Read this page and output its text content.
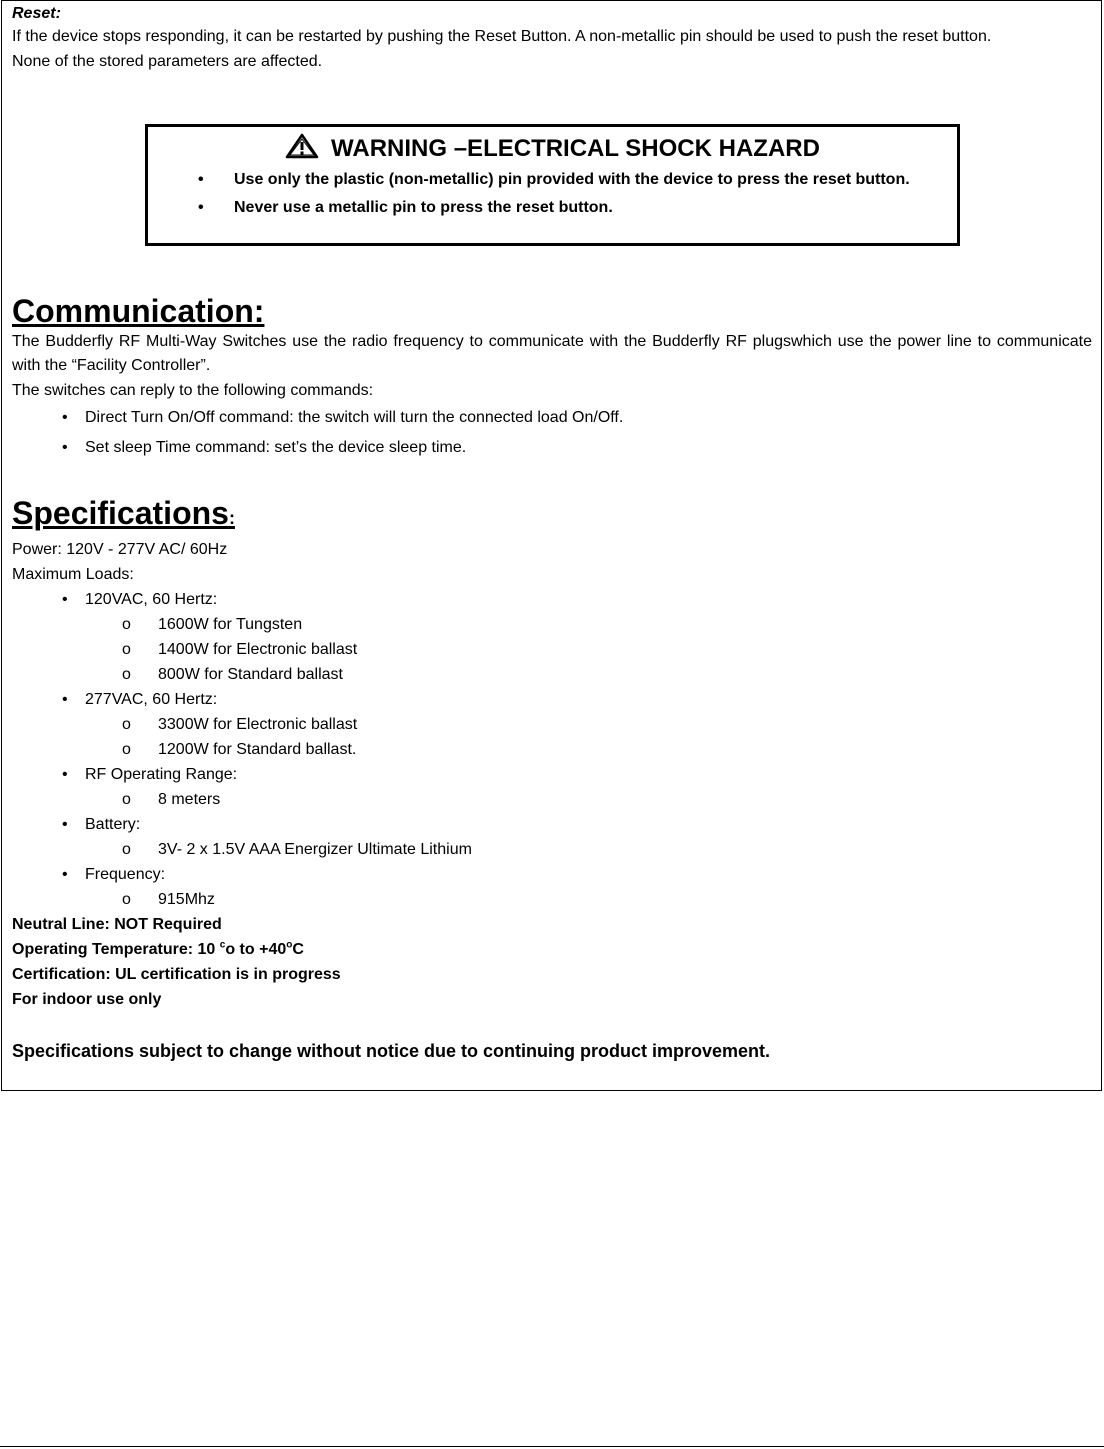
Reset:

If the device stops responding, it can be restarted by pushing the Reset Button. A non-metallic pin should be used to push the reset button.

None of the stored parameters are affected.

WARNING –ELECTRICAL SHOCK HAZARD
• Use only the plastic (non-metallic) pin provided with the device to press the reset button.
• Never use a metallic pin to press the reset button.

Communication:

The Budderfly RF Multi-Way Switches use the radio frequency to communicate with the Budderfly RF plugswhich use the power line to communicate with the “Facility Controller”.

The switches can reply to the following commands:

• Direct Turn On/Off command: the switch will turn the connected load On/Off.
• Set sleep Time command: set’s the device sleep time.

Specifications:

Power: 120V - 277V AC/ 60Hz

Maximum Loads:

• 120VAC, 60 Hertz:
o 1600W for Tungsten
o 1400W for Electronic ballast
o 800W for Standard ballast
• 277VAC, 60 Hertz:
o 3300W for Electronic ballast
o 1200W for Standard ballast.
• RF Operating Range:
o 8 meters
• Battery:
o 3V- 2 x 1.5V AAA Energizer Ultimate Lithium
• Frequency:
o 915Mhz

Neutral Line: NOT Required

Operating Temperature: 10 $^c$o to $+40^oC$

Certification: UL certification is in progress

For indoor use only

Specifications subject to change without notice due to continuing product improvement.
